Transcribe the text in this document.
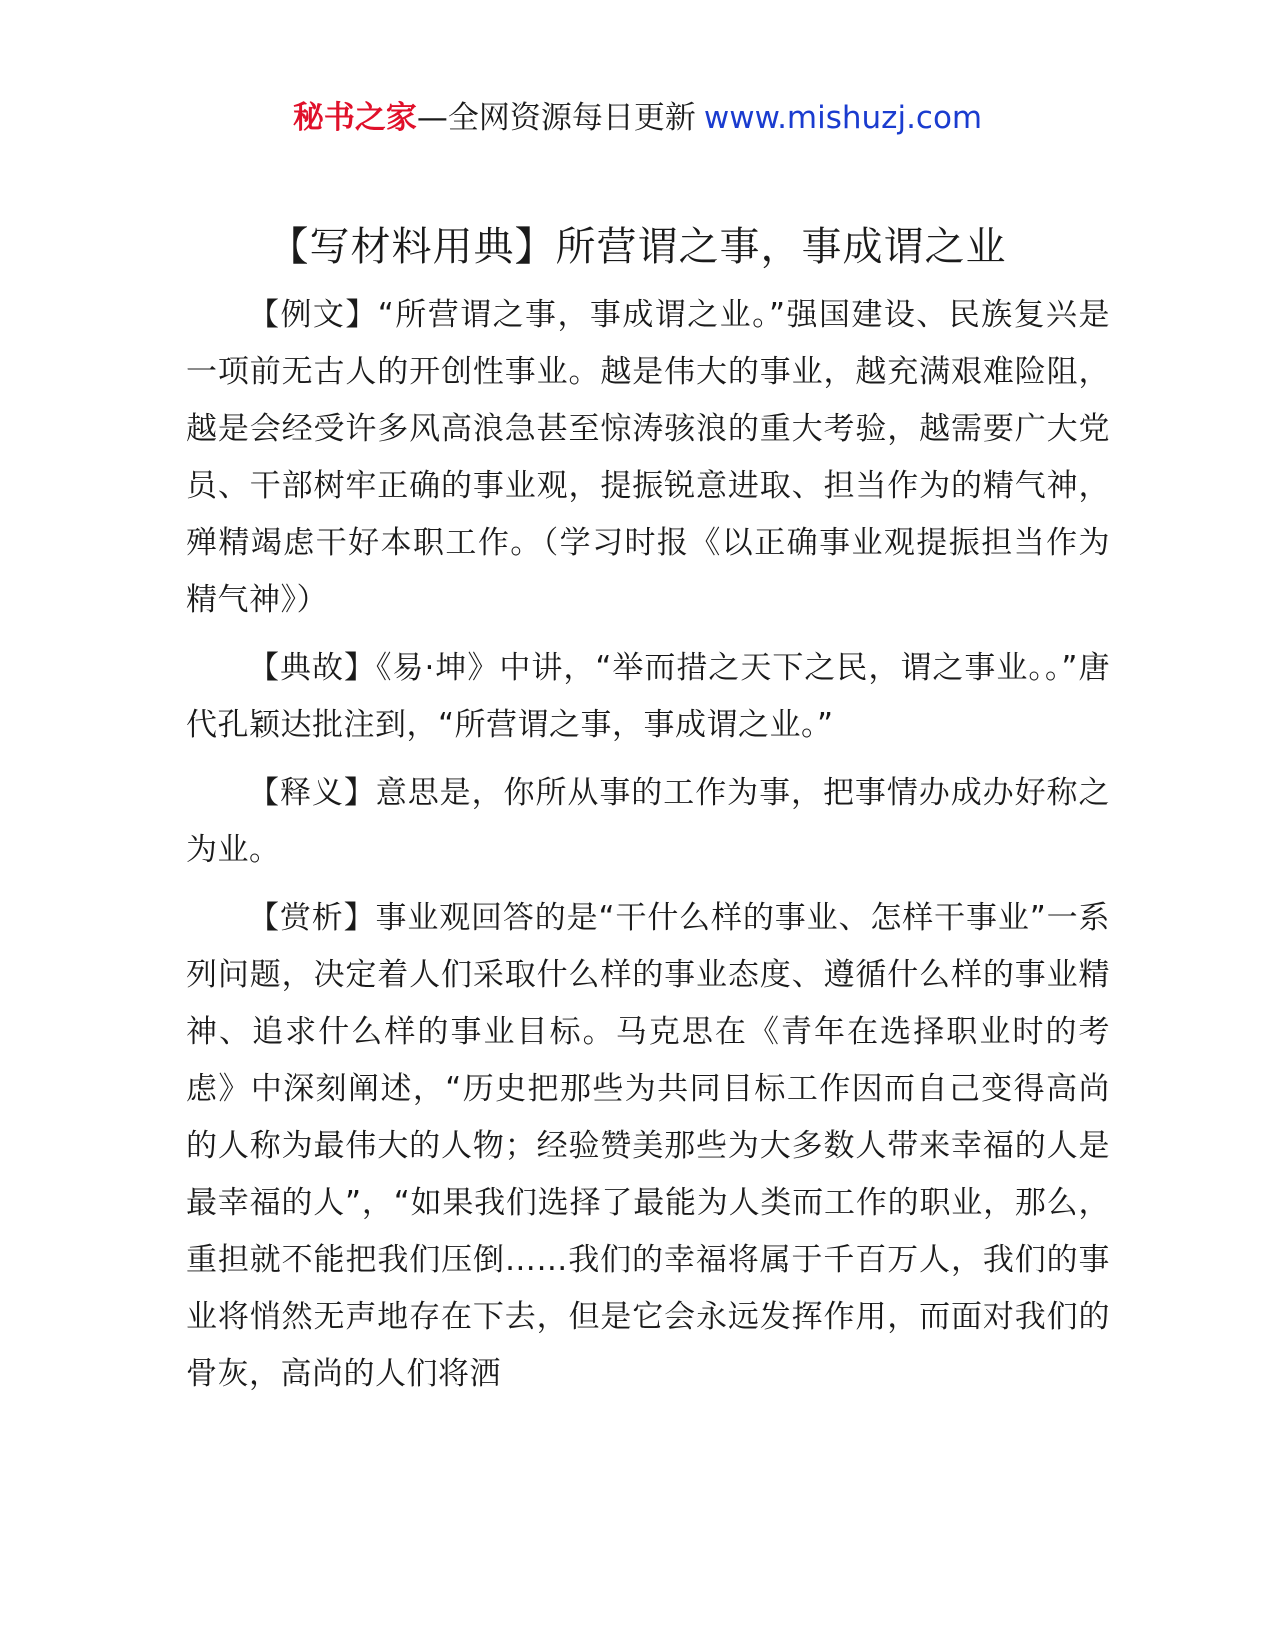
秘书之家—全网资源每日更新 www.mishuzj.com
【写材料用典】所营谓之事，事成谓之业

【例文】“所营谓之事，事成谓之业。”强国建设、民族复兴是一项前无古人的开创性事业。越是伟大的事业，越充满艰难险阻，越是会经受许多风高浪急甚至惊涛骇浪的重大考验，越需要广大党员、干部树牢正确的事业观，提振锐意进取、担当作为的精气神，殚精竭虑干好本职工作。（学习时报《以正确事业观提振担当作为精气神》）

【典故】《易·坤》中讲，“举而措之天下之民，谓之事业。。”唐代孔颖达批注到，“所营谓之事，事成谓之业。”

【释义】意思是，你所从事的工作为事，把事情办成办好称之为业。

【赏析】事业观回答的是“干什么样的事业、怎样干事业”一系列问题，决定着人们采取什么样的事业态度、遵循什么样的事业精神、追求什么样的事业目标。马克思在《青年在选择职业时的考虑》中深刻阐述，“历史把那些为共同目标工作因而自己变得高尚的人称为最伟大的人物；经验赞美那些为大多数人带来幸福的人是最幸福的人”，“如果我们选择了最能为人类而工作的职业，那么，重担就不能把我们压倒……我们的幸福将属于千百万人，我们的事业将悄然无声地存在下去，但是它会永远发挥作用，而面对我们的骨灰，高尚的人们将洒
